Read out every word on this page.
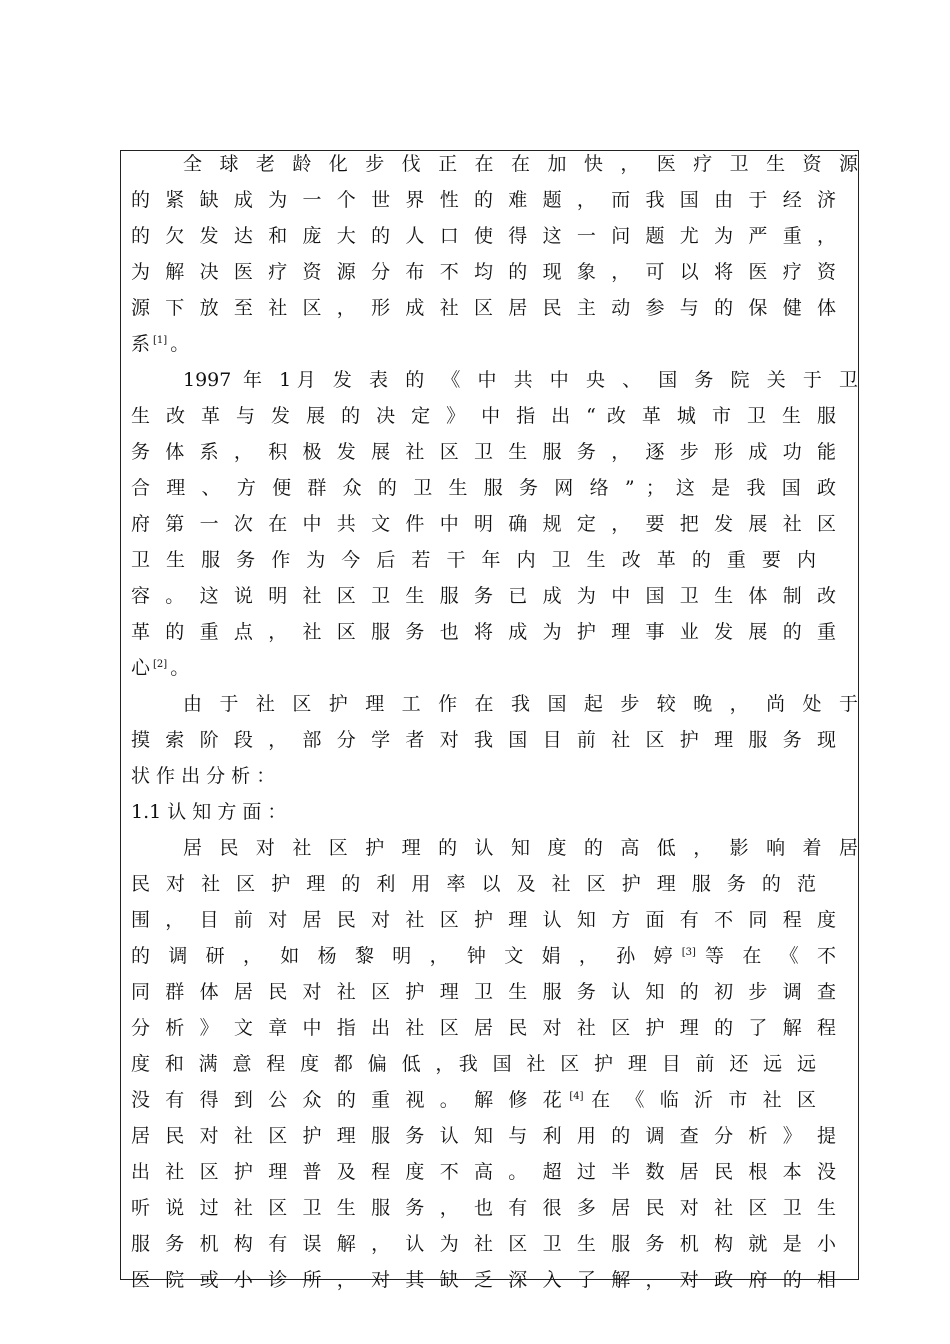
全 球 老 龄 化 步 伐 正 在 在 加 快 ， 医 疗 卫 生 资 源
的 紧 缺 成 为 一 个 世 界 性 的 难 题 ， 而 我 国 由 于 经 济
的 欠 发 达 和 庞 大 的 人 口 使 得 这 一 问 题 尤 为 严 重 ，
为 解 决 医 疗 资 源 分 布 不 均 的 现 象 ， 可 以 将 医 疗 资
源 下 放 至 社 区 ， 形 成 社 区 居 民 主 动 参 与 的 保 健 体
系 [1] 。
1997 年 1月 发 表 的 《 中 共 中 央 、 国 务 院 关 于 卫
生 改 革 与 发 展 的 决 定 》 中 指 出 “ 改 革 城 市 卫 生 服
务 体 系 ， 积 极 发 展 社 区 卫 生 服 务 ， 逐 步 形 成 功 能
合 理 、 方 便 群 众 的 卫 生 服 务 网 络 ” ； 这 是 我 国 政
府 第 一 次 在 中 共 文 件 中 明 确 规 定 ， 要 把 发 展 社 区
卫 生 服 务 作 为 今 后 若 干 年 内 卫 生 改 革 的 重 要 内
容 。 这 说 明 社 区 卫 生 服 务 已 成 为 中 国 卫 生 体 制 改
革 的 重 点 ， 社 区 服 务 也 将 成 为 护 理 事 业 发 展 的 重
心 [2] 。
由 于 社 区 护 理 工 作 在 我 国 起 步 较 晚 ， 尚 处 于
摸 索 阶 段 ， 部 分 学 者 对 我 国 目 前 社 区 护 理 服 务 现
状 作 出 分 析 ：
1.1 认 知 方 面 ：
居 民 对 社 区 护 理 的 认 知 度 的 高 低 ， 影 响 着 居
民 对 社 区 护 理 的 利 用 率 以 及 社 区 护 理 服 务 的 范
围 ， 目 前 对 居 民 对 社 区 护 理 认 知 方 面 有 不 同 程 度
的 调 研 ， 如 杨 黎 明 ， 钟 文 娟 ， 孙 婷 [3] 等 在 《 不
同 群 体 居 民 对 社 区 护 理 卫 生 服 务 认 知 的 初 步 调 查
分 析 》 文 章 中 指 出 社 区 居 民 对 社 区 护 理 的 了 解 程
度 和 满 意 程 度 都 偏 低 ，我 国 社 区 护 理 目 前 还 远 远
没 有 得 到 公 众 的 重 视 。 解 修 花 [4] 在 《 临 沂 市 社 区
居 民 对 社 区 护 理 服 务 认 知 与 利 用 的 调 查 分 析 》 提
出 社 区 护 理 普 及 程 度 不 高 。 超 过 半 数 居 民 根 本 没
听 说 过 社 区 卫 生 服 务 ， 也 有 很 多 居 民 对 社 区 卫 生
服 务 机 构 有 误 解 ， 认 为 社 区 卫 生 服 务 机 构 就 是 小
医 院 或 小 诊 所 ， 对 其 缺 乏 深 入 了 解 ， 对 政 府 的 相
